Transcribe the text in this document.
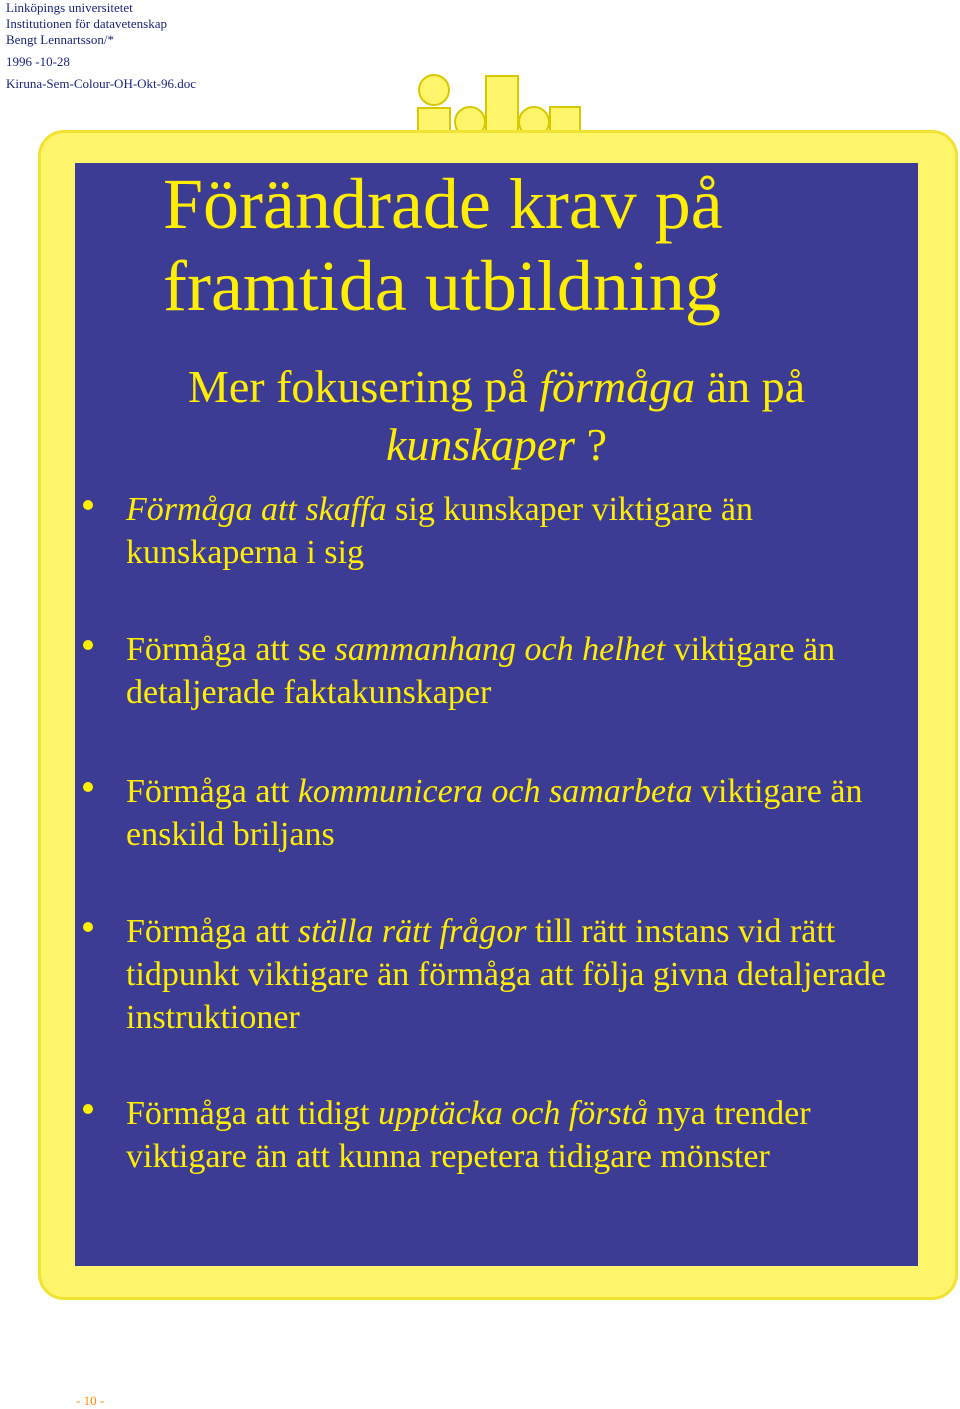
Linköpings universitetet
Institutionen för datavetenskap
Bengt Lennartsson/*
1996 -10-28
Kiruna-Sem-Colour-OH-Okt-96.doc
Förändrade krav på
framtida utbildning
Mer fokusering på förmåga än på
kunskaper ?
Förmåga att skaffa sig kunskaper viktigare än kunskaperna i sig
Förmåga att se sammanhang och helhet viktigare än detaljerade faktakunskaper
Förmåga att kommunicera och samarbeta viktigare än enskild briljans
Förmåga att ställa rätt frågor till rätt instans vid rätt tidpunkt viktigare än förmåga att följa givna detaljerade instruktioner
Förmåga att tidigt upptäcka och förstå nya trender viktigare än att kunna repetera tidigare mönster
- 10 -
